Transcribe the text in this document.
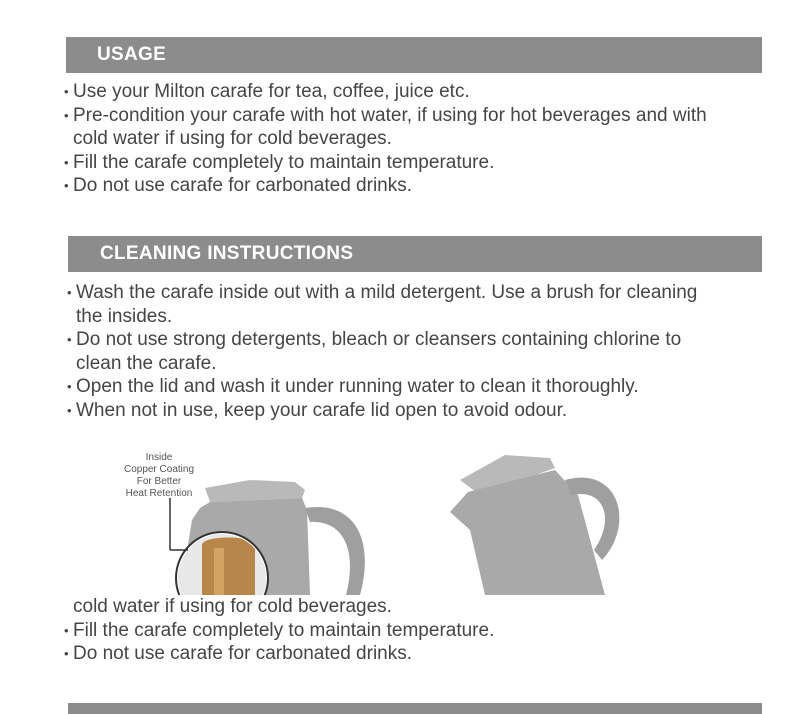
USAGE
• Use your Milton carafe for tea, coffee, juice etc.
• Pre-condition your carafe with hot water, if using for hot beverages and with
cold water if using for cold beverages.
• Fill the carafe completely to maintain temperature.
• Do not use carafe for carbonated drinks.
CLEANING INSTRUCTIONS
• Wash the carafe inside out with a mild detergent. Use a brush for cleaning
the insides.
• Do not use strong detergents, bleach or cleansers containing chlorine to
clean the carafe.
• Open the lid and wash it under running water to clean it thoroughly.
• When not in use, keep your carafe lid open to avoid odour.
Inside
Copper Coating
For Better
Heat Retention
cold water if using for cold beverages.
• Fill the carafe completely to maintain temperature.
• Do not use carafe for carbonated drinks.
